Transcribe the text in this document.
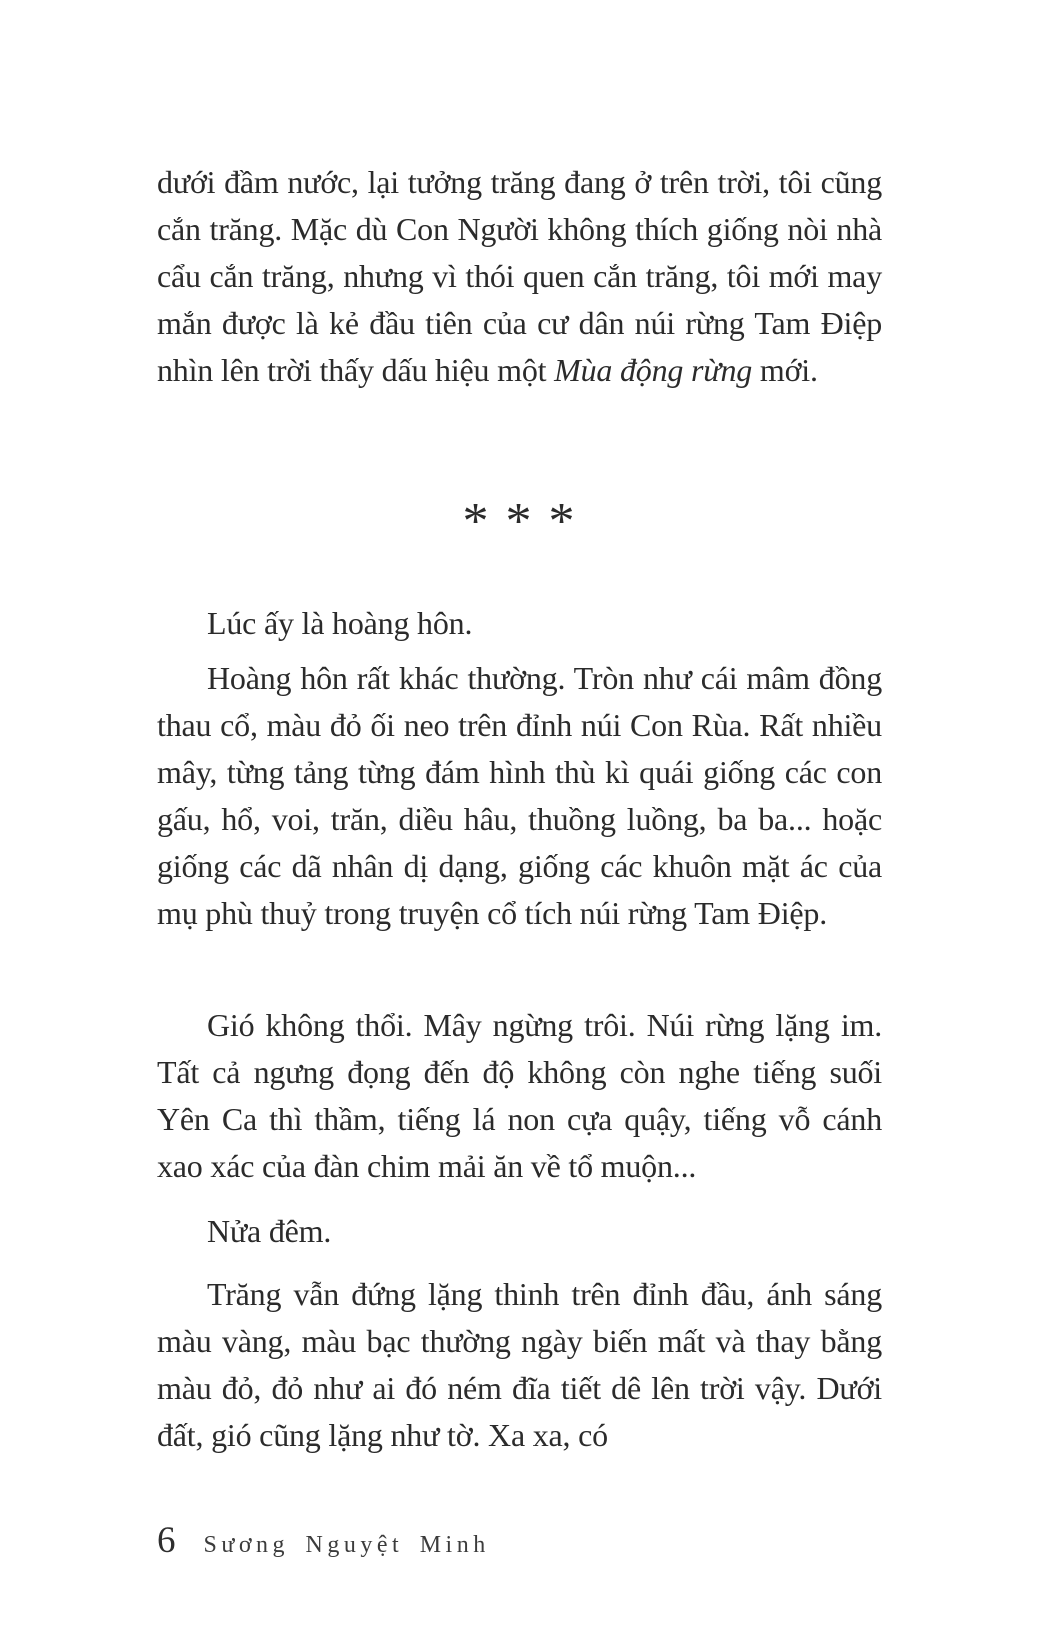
dưới đầm nước, lại tưởng trăng đang ở trên trời, tôi cũng cắn trăng. Mặc dù Con Người không thích giống nòi nhà cẩu cắn trăng, nhưng vì thói quen cắn trăng, tôi mới may mắn được là kẻ đầu tiên của cư dân núi rừng Tam Điệp nhìn lên trời thấy dấu hiệu một Mùa động rừng mới.

* * *

Lúc ấy là hoàng hôn.

Hoàng hôn rất khác thường. Tròn như cái mâm đồng thau cổ, màu đỏ ối neo trên đỉnh núi Con Rùa. Rất nhiều mây, từng tảng từng đám hình thù kì quái giống các con gấu, hổ, voi, trăn, diều hâu, thuồng luồng, ba ba... hoặc giống các dã nhân dị dạng, giống các khuôn mặt ác của mụ phù thuỷ trong truyện cổ tích núi rừng Tam Điệp.

Gió không thổi. Mây ngừng trôi. Núi rừng lặng im. Tất cả ngưng đọng đến độ không còn nghe tiếng suối Yên Ca thì thầm, tiếng lá non cựa quậy, tiếng vỗ cánh xao xác của đàn chim mải ăn về tổ muộn...

Nửa đêm.

Trăng vẫn đứng lặng thinh trên đỉnh đầu, ánh sáng màu vàng, màu bạc thường ngày biến mất và thay bằng màu đỏ, đỏ như ai đó ném đĩa tiết dê lên trời vậy. Dưới đất, gió cũng lặng như tờ. Xa xa, có

6 Sương Nguyệt Minh
